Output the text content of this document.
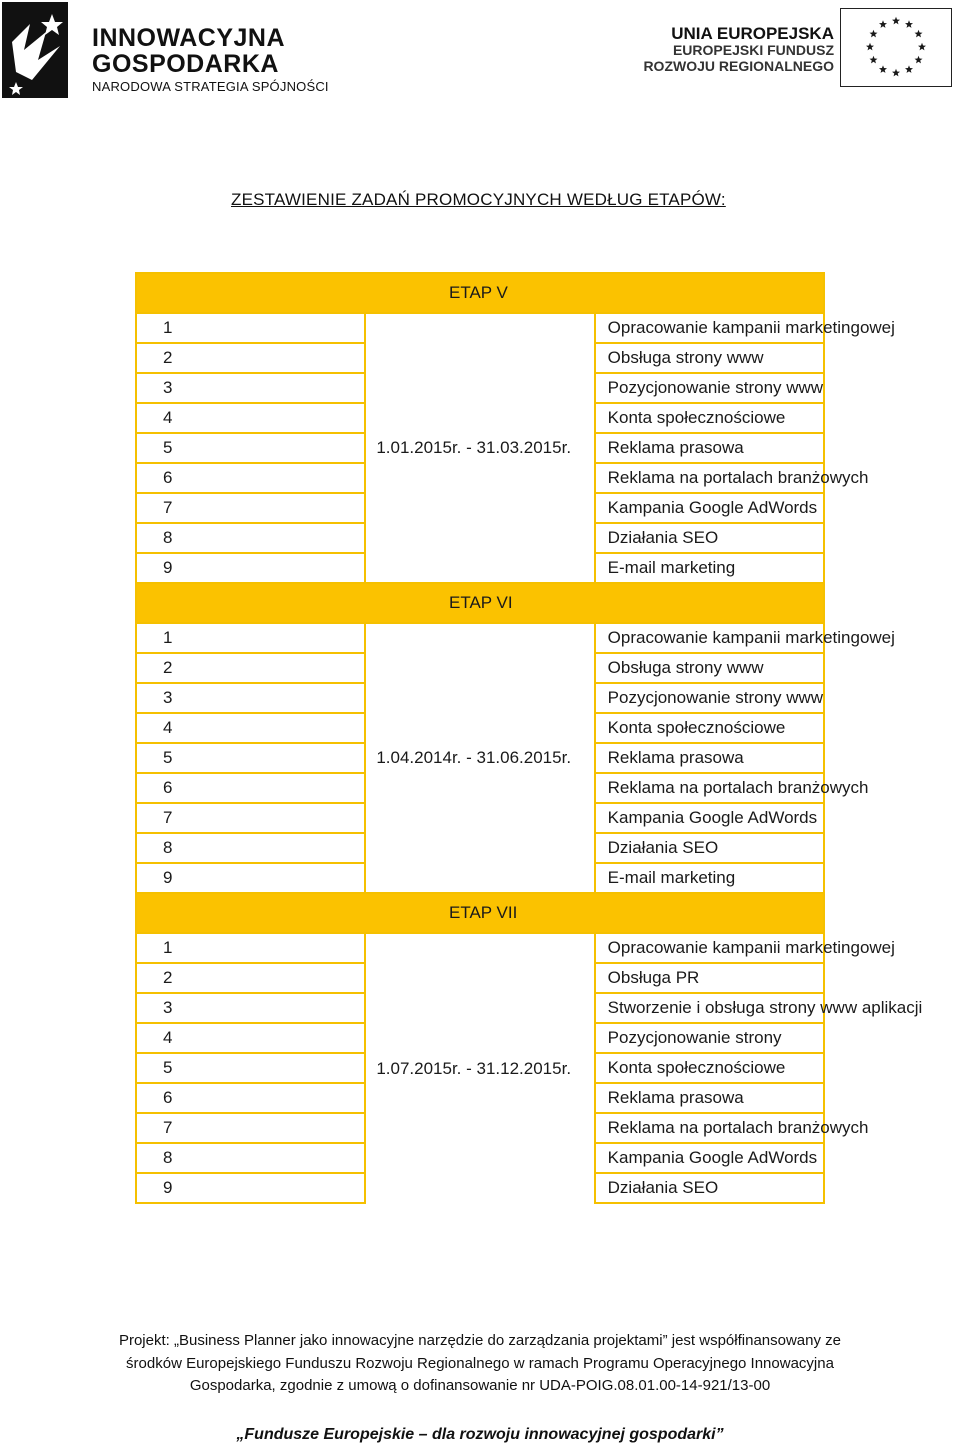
INNOWACYJNA
GOSPODARKA
NARODOWA STRATEGIA SPÓJNOŚCI
UNIA EUROPEJSKA
EUROPEJSKI FUNDUSZ
ROZWOJU REGIONALNEGO
ZESTAWIENIE ZADAŃ PROMOCYJNYCH WEDŁUG ETAPÓW:
ETAP V		
1	1.01.2015r. - 31.03.2015r.	Opracowanie kampanii marketingowej
2		Obsługa strony www
3		Pozycjonowanie strony www
4		Konta społecznościowe
5		Reklama prasowa
6		Reklama na portalach branżowych
7		Kampania Google AdWords
8		Działania SEO
9		E-mail marketing
ETAP VI		
1	1.04.2014r. - 31.06.2015r.	Opracowanie kampanii marketingowej
2		Obsługa strony www
3		Pozycjonowanie strony www
4		Konta społecznościowe
5		Reklama prasowa
6		Reklama na portalach branżowych
7		Kampania Google AdWords
8		Działania SEO
9		E-mail marketing
ETAP VII		
1	1.07.2015r. - 31.12.2015r.	Opracowanie kampanii marketingowej
2		Obsługa PR
3		Stworzenie i obsługa strony www aplikacji
4		Pozycjonowanie strony
5		Konta społecznościowe
6		Reklama prasowa
7		Reklama na portalach branżowych
8		Kampania Google AdWords
9		Działania SEO
Projekt: „Business Planner jako innowacyjne narzędzie do zarządzania projektami” jest współfinansowany ze
środków Europejskiego Funduszu Rozwoju Regionalnego w ramach Programu Operacyjnego Innowacyjna
Gospodarka, zgodnie z umową o dofinansowanie nr UDA-POIG.08.01.00-14-921/13-00
„Fundusze Europejskie – dla rozwoju innowacyjnej gospodarki”
